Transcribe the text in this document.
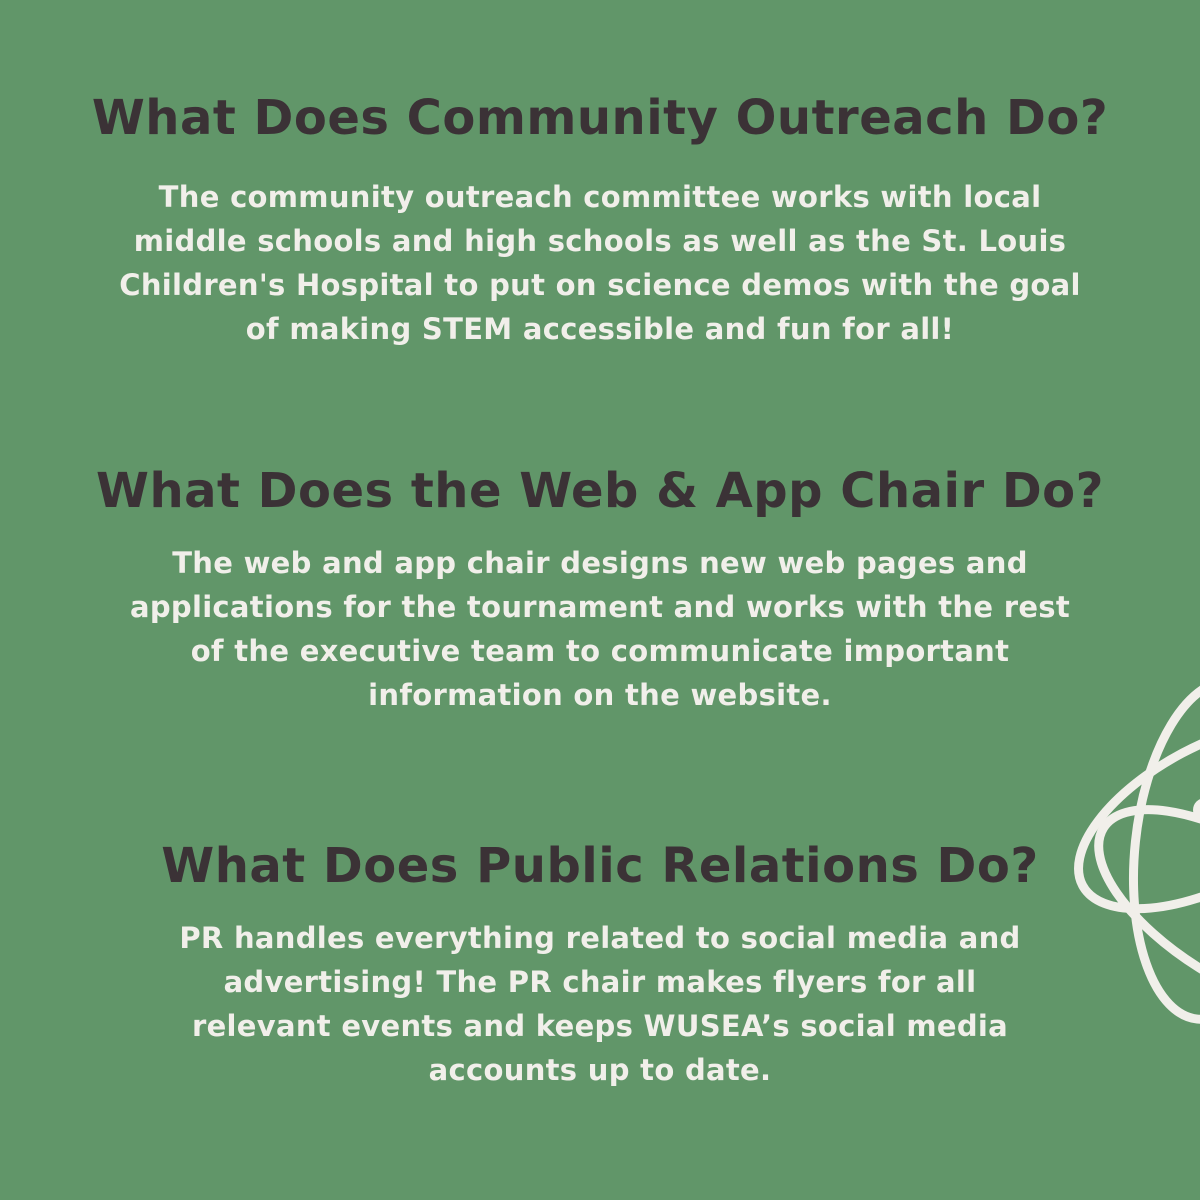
What Does Community Outreach Do?

The community outreach committee works with local
middle schools and high schools as well as the St. Louis
Children's Hospital to put on science demos with the goal
of making STEM accessible and fun for all!

What Does the Web & App Chair Do?

The web and app chair designs new web pages and
applications for the tournament and works with the rest
of the executive team to communicate important
information on the website.

What Does Public Relations Do?

PR handles everything related to social media and
advertising! The PR chair makes flyers for all
relevant events and keeps WUSEA’s social media
accounts up to date.
